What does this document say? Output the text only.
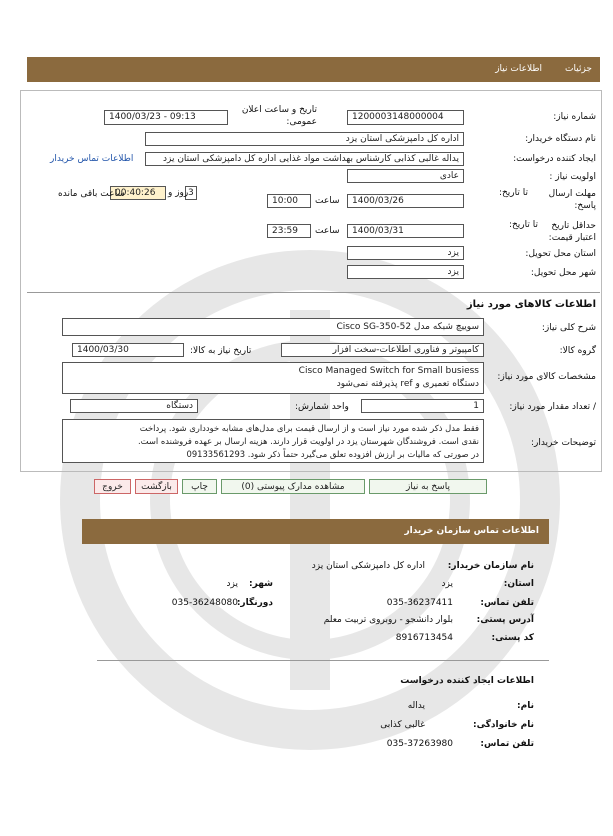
جزئیات
اطلاعات نیاز
شماره نیاز:
1200003148000004
تاریخ و ساعت اعلان عمومی:
1400/03/23 - 09:13
نام دستگاه خریدار:
اداره کل دامپزشکی استان یزد
ایجاد کننده درخواست:
یداله غالبی کذابی کارشناس بهداشت مواد غذایی اداره کل دامپزشکی استان یزد
اطلاعات تماس خریدار
اولویت نیاز :
عادی
مهلت ارسال پاسخ:
تا تاریخ:
1400/03/26
ساعت
10:00
3
روز و
00:40:26
ساعت باقی مانده
حداقل تاریخ اعتبار قیمت:
تا تاریخ:
1400/03/31
ساعت
23:59
استان محل تحویل:
یزد
شهر محل تحویل:
یزد
اطلاعات کالاهای مورد نیاز
شرح کلی نیاز:
سوییچ شبکه مدل Cisco SG-350-52
گروه کالا:
کامپیوتر و فناوری اطلاعات-سخت افزار
تاریخ نیاز به کالا:
1400/03/30
مشخصات کالای مورد نیاز:
Cisco Managed Switch for Small busiess
دستگاه تعمیری و ref پذیرفته نمی‌شود
/ تعداد مقدار مورد نیاز:
1
واحد شمارش:
دستگاه
توضیحات خریدار:
فقط مدل ذکر شده مورد نیاز است و از ارسال قیمت برای مدل‌های مشابه خودداری شود. پرداخت
نقدی است. فروشندگان شهرستان یزد در اولویت قرار دارند. هزینه ارسال بر عهده فروشنده است.
در صورتی که مالیات بر ارزش افزوده تعلق می‌گیرد حتماً ذکر شود. 09133561293
پاسخ به نیاز
مشاهده مدارک پیوستی (0)
چاپ
بازگشت
خروج
اطلاعات تماس سازمان خریدار
نام سازمان خریدار:
اداره کل دامپزشکی استان یزد
استان:
یزد
شهر:
یزد
تلفن تماس:
035-36237411
دورنگار:
035-36248080
آدرس پستی:
بلوار دانشجو - روبروی تربیت معلم
کد پستی:
8916713454
اطلاعات ایجاد کننده درخواست
نام:
یداله
نام خانوادگی:
غالبی کذابی
تلفن تماس:
035-37263980
